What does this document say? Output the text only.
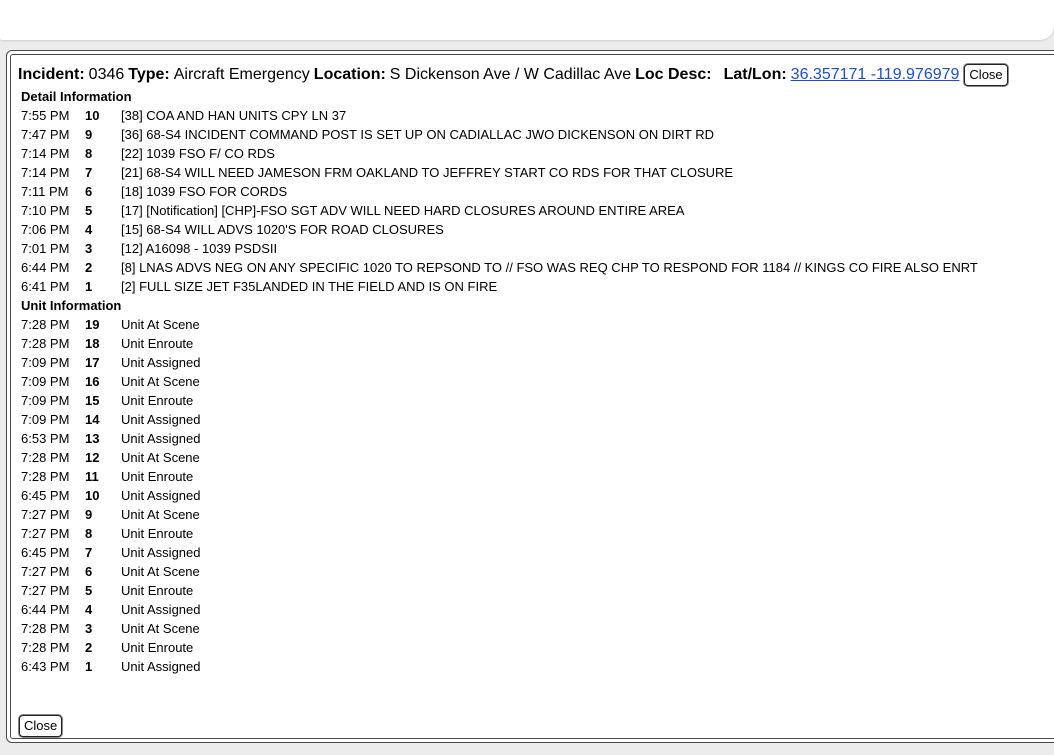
Incident: 0346 Type: Aircraft Emergency Location: S Dickenson Ave / W Cadillac Ave Loc Desc: Lat/Lon: 36.357171 -119.976979 Close
Detail Information
7:55 PM	10	[38] COA AND HAN UNITS CPY LN 37
7:47 PM	9	[36] 68-S4 INCIDENT COMMAND POST IS SET UP ON CADIALLAC JWO DICKENSON ON DIRT RD
7:14 PM	8	[22] 1039 FSO F/ CO RDS
7:14 PM	7	[21] 68-S4 WILL NEED JAMESON FRM OAKLAND TO JEFFREY START CO RDS FOR THAT CLOSURE
7:11 PM	6	[18] 1039 FSO FOR CORDS
7:10 PM	5	[17] [Notification] [CHP]-FSO SGT ADV WILL NEED HARD CLOSURES AROUND ENTIRE AREA
7:06 PM	4	[15] 68-S4 WILL ADVS 1020'S FOR ROAD CLOSURES
7:01 PM	3	[12] A16098 - 1039 PSDSII
6:44 PM	2	[8] LNAS ADVS NEG ON ANY SPECIFIC 1020 TO REPSOND TO // FSO WAS REQ CHP TO RESPOND FOR 1184 // KINGS CO FIRE ALSO ENRT
6:41 PM	1	[2] FULL SIZE JET F35LANDED IN THE FIELD AND IS ON FIRE
Unit Information
7:28 PM	19	Unit At Scene
7:28 PM	18	Unit Enroute
7:09 PM	17	Unit Assigned
7:09 PM	16	Unit At Scene
7:09 PM	15	Unit Enroute
7:09 PM	14	Unit Assigned
6:53 PM	13	Unit Assigned
7:28 PM	12	Unit At Scene
7:28 PM	11	Unit Enroute
6:45 PM	10	Unit Assigned
7:27 PM	9	Unit At Scene
7:27 PM	8	Unit Enroute
6:45 PM	7	Unit Assigned
7:27 PM	6	Unit At Scene
7:27 PM	5	Unit Enroute
6:44 PM	4	Unit Assigned
7:28 PM	3	Unit At Scene
7:28 PM	2	Unit Enroute
6:43 PM	1	Unit Assigned
Close
